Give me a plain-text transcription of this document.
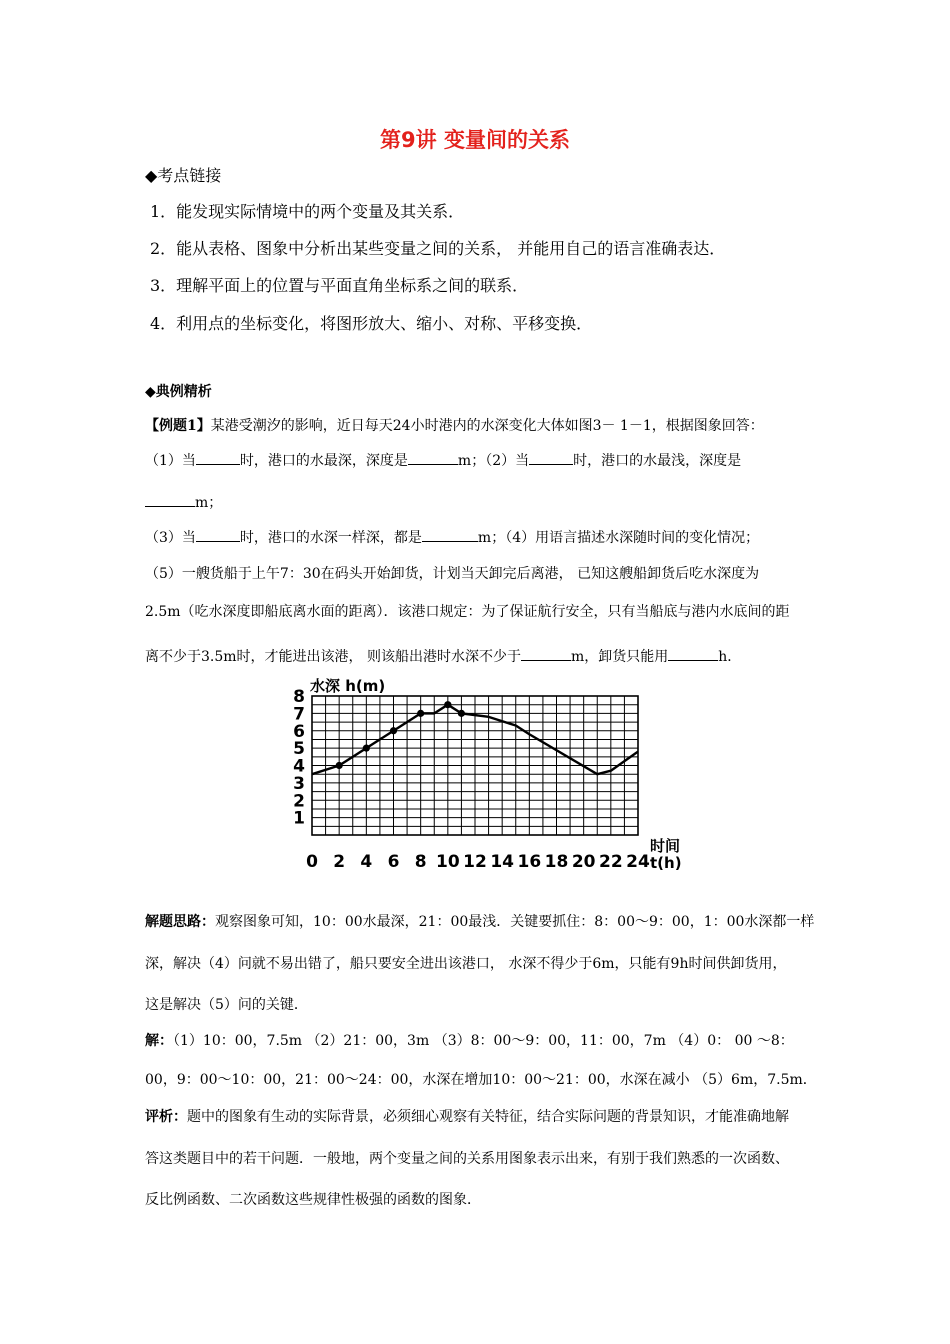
第9讲 变量间的关系
◆考点链接
1．能发现实际情境中的两个变量及其关系．
2．能从表格、图象中分析出某些变量之间的关系， 并能用自己的语言准确表达．
3．理解平面上的位置与平面直角坐标系之间的联系．
4．利用点的坐标变化，将图形放大、缩小、对称、平移变换．
◆典例精析
【例题1】某港受潮汐的影响，近日每天24小时港内的水深变化大体如图3－ 1－1，根据图象回答：
（1）当	时，港口的水最深，深度是	m；（2）当	时，港口的水最浅，深度是
m；
（3）当	时，港口的水深一样深，都是	m；（4）用语言描述水深随时间的变化情况；
（5）一艘货船于上午7：30在码头开始卸货，计划当天卸完后离港， 已知这艘船卸货后吃水深度为
2.5m（吃水深度即船底离水面的距离）．该港口规定：为了保证航行安全，只有当船底与港内水底间的距
离不少于3.5m时，才能进出该港， 则该船出港时水深不少于	m，卸货只能用	h．
1
2
3
4
5
6
7
8
0 2 4 6 8 10 12 14 16 18 20 22 24
水深 h(m)
时间
t(h)
解题思路：观察图象可知，10：00水最深，21：00最浅．关键要抓住：8：00～9：00，1：00水深都一样
深，解决（4）问就不易出错了，船只要安全进出该港口， 水深不得少于6m，只能有9h时间供卸货用，
这是解决（5）问的关键．
解：（1）10：00，7.5m （2）21：00，3m （3）8：00～9：00，11：00，7m （4）0： 00 ～8：
00，9：00～10：00，21：00～24：00，水深在增加10：00～21：00，水深在减小 （5）6m，7.5m．
评析：题中的图象有生动的实际背景，必须细心观察有关特征，结合实际问题的背景知识，才能准确地解
答这类题目中的若干问题．一般地，两个变量之间的关系用图象表示出来，有别于我们熟悉的一次函数、
反比例函数、二次函数这些规律性极强的函数的图象．
